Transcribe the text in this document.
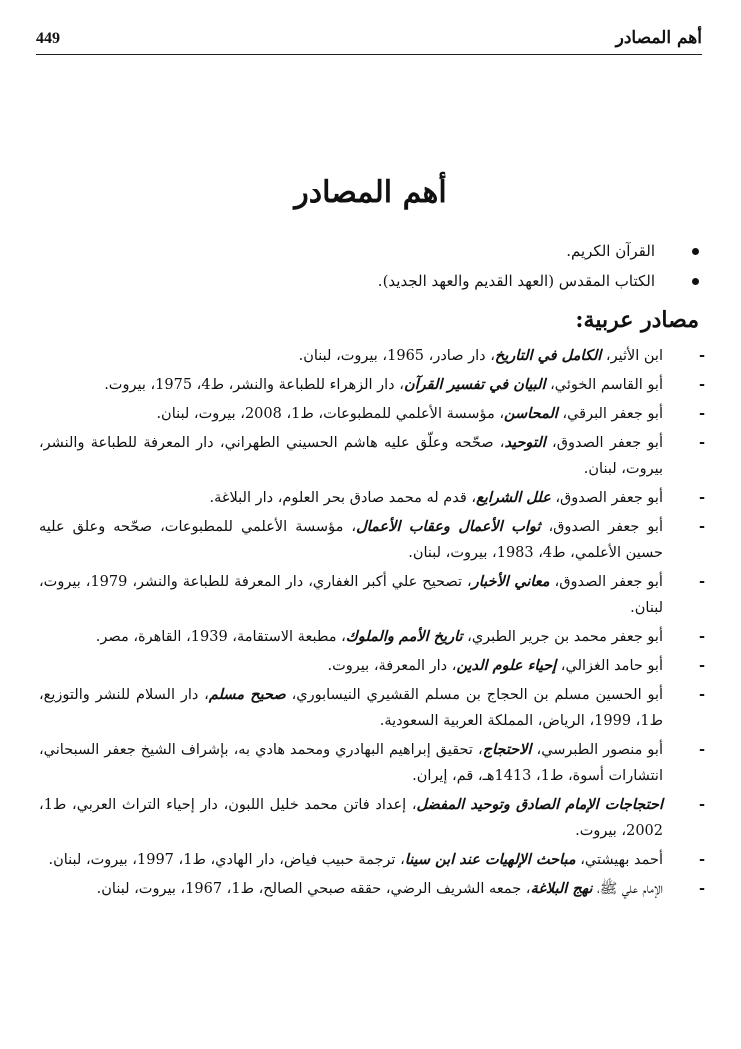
449	أهم المصادر
أهم المصادر
القرآن الكريم.
الكتاب المقدس (العهد القديم والعهد الجديد).
مصادر عربية:
-
ابن الأثير، الكامل في التاريخ، دار صادر، 1965، بيروت، لبنان.
-
أبو القاسم الخوئي، البيان في تفسير القرآن، دار الزهراء للطباعة والنشر، ط4، 1975، بيروت.
-
أبو جعفر البرقي، المحاسن، مؤسسة الأعلمي للمطبوعات، ط1، 2008، بيروت، لبنان.
-
أبو جعفر الصدوق، التوحيد، صحّحه وعلّق عليه هاشم الحسيني الطهراني، دار المعرفة للطباعة والنشر، بيروت، لبنان.
-
أبو جعفر الصدوق، علل الشرايع، قدم له محمد صادق بحر العلوم، دار البلاغة.
-
أبو جعفر الصدوق، ثواب الأعمال وعقاب الأعمال، مؤسسة الأعلمي للمطبوعات، صحّحه وعلق عليه حسين الأعلمي، ط4، 1983، بيروت، لبنان.
-
أبو جعفر الصدوق، معاني الأخبار، تصحيح علي أكبر الغفاري، دار المعرفة للطباعة والنشر، 1979، بيروت، لبنان.
-
أبو جعفر محمد بن جرير الطبري، تاريخ الأمم والملوك، مطبعة الاستقامة، 1939، القاهرة، مصر.
-
أبو حامد الغزالي، إحياء علوم الدين، دار المعرفة، بيروت.
-
أبو الحسين مسلم بن الحجاج بن مسلم القشيري النيسابوري، صحيح مسلم، دار السلام للنشر والتوزيع، ط1، 1999، الرياض، المملكة العربية السعودية.
-
أبو منصور الطبرسي، الاحتجاج، تحقيق إبراهيم البهادري ومحمد هادي به، بإشراف الشيخ جعفر السبحاني، انتشارات أسوة، ط1، 1413هـ، قم، إيران.
-
احتجاجات الإمام الصادق وتوحيد المفضل، إعداد فاتن محمد خليل اللبون، دار إحياء التراث العربي، ط1، 2002، بيروت.
-
أحمد بهيشتي، مباحث الإلهيات عند ابن سينا، ترجمة حبيب فياض، دار الهادي، ط1، 1997، بيروت، لبنان.
-
الإمام علي ﷺ، نهج البلاغة، جمعه الشريف الرضي، حققه صبحي الصالح، ط1، 1967، بيروت، لبنان.
